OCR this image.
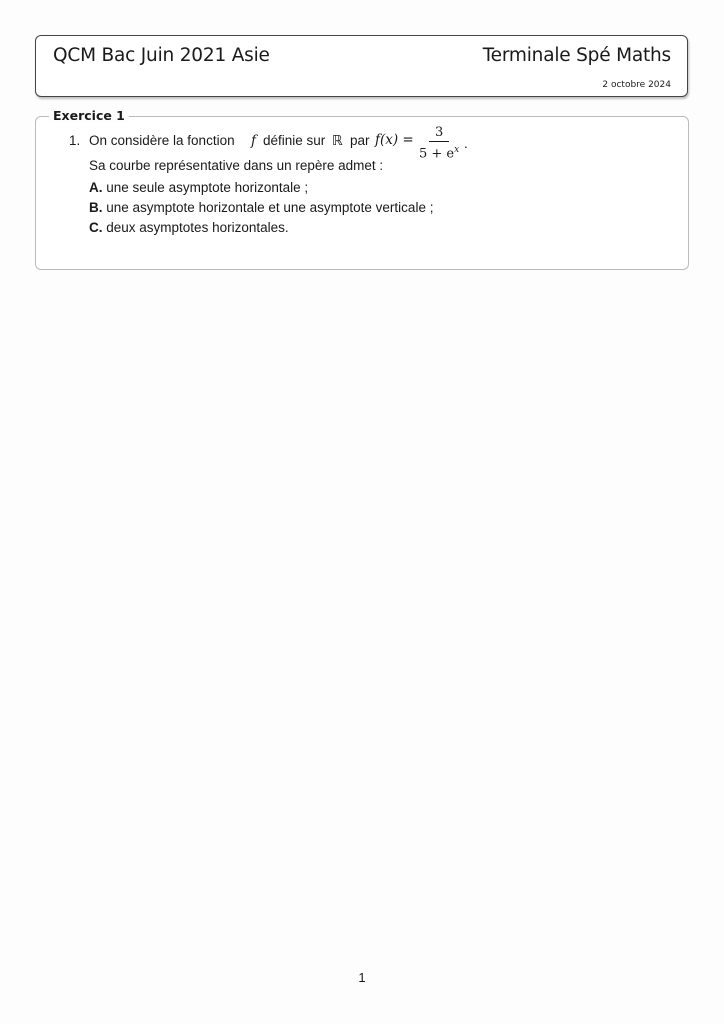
QCM Bac Juin 2021 Asie	Terminale Spé Maths
2 octobre 2024
Exercice 1
1. On considère la fonction f définie sur ℝ par $f(x) = \frac{3}{5 + e^x}$ .
Sa courbe représentative dans un repère admet :
A. une seule asymptote horizontale ;
B. une asymptote horizontale et une asymptote verticale ;
C. deux asymptotes horizontales.
1
